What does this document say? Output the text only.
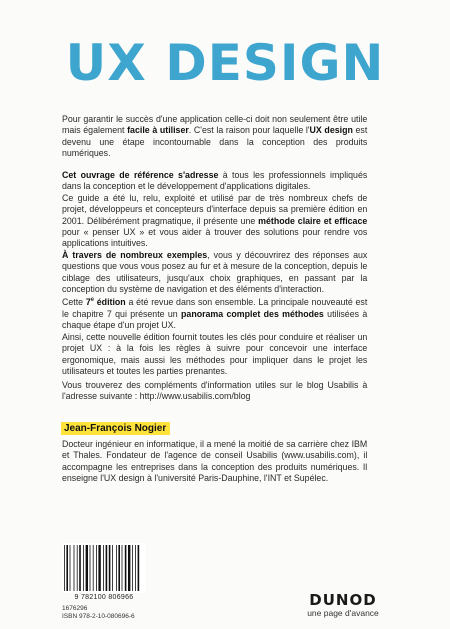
UX DESIGN

Pour garantir le succès d'une application celle-ci doit non seulement être utile mais également facile à utiliser. C'est la raison pour laquelle l'UX design est devenu une étape incontournable dans la conception des produits numériques.

Cet ouvrage de référence s'adresse à tous les professionnels impliqués dans la conception et le développement d'applications digitales.

Ce guide a été lu, relu, exploité et utilisé par de très nombreux chefs de projet, développeurs et concepteurs d'interface depuis sa première édition en 2001. Délibérément pragmatique, il présente une méthode claire et efficace pour « penser UX » et vous aider à trouver des solutions pour rendre vos applications intuitives.

À travers de nombreux exemples, vous y découvrirez des réponses aux questions que vous vous posez au fur et à mesure de la conception, depuis le ciblage des utilisateurs, jusqu'aux choix graphiques, en passant par la conception du système de navigation et des éléments d'interaction.

Cette 7e édition a été revue dans son ensemble. La principale nouveauté est le chapitre 7 qui présente un panorama complet des méthodes utilisées à chaque étape d'un projet UX.

Ainsi, cette nouvelle édition fournit toutes les clés pour conduire et réaliser un projet UX : à la fois les règles à suivre pour concevoir une interface ergonomique, mais aussi les méthodes pour impliquer dans le projet les utilisateurs et toutes les parties prenantes.

Vous trouverez des compléments d'information utiles sur le blog Usabilis à l'adresse suivante : http://www.usabilis.com/blog

Jean-François Nogier
Docteur ingénieur en informatique, il a mené la moitié de sa carrière chez IBM et Thales. Fondateur de l'agence de conseil Usabilis (www.usabilis.com), il accompagne les entreprises dans la conception des produits numériques. Il enseigne l'UX design à l'université Paris-Dauphine, l'INT et Supélec.
9 782100 806966
1676296
ISBN 978-2-10-080696-6
DUNOD
une page d'avance
